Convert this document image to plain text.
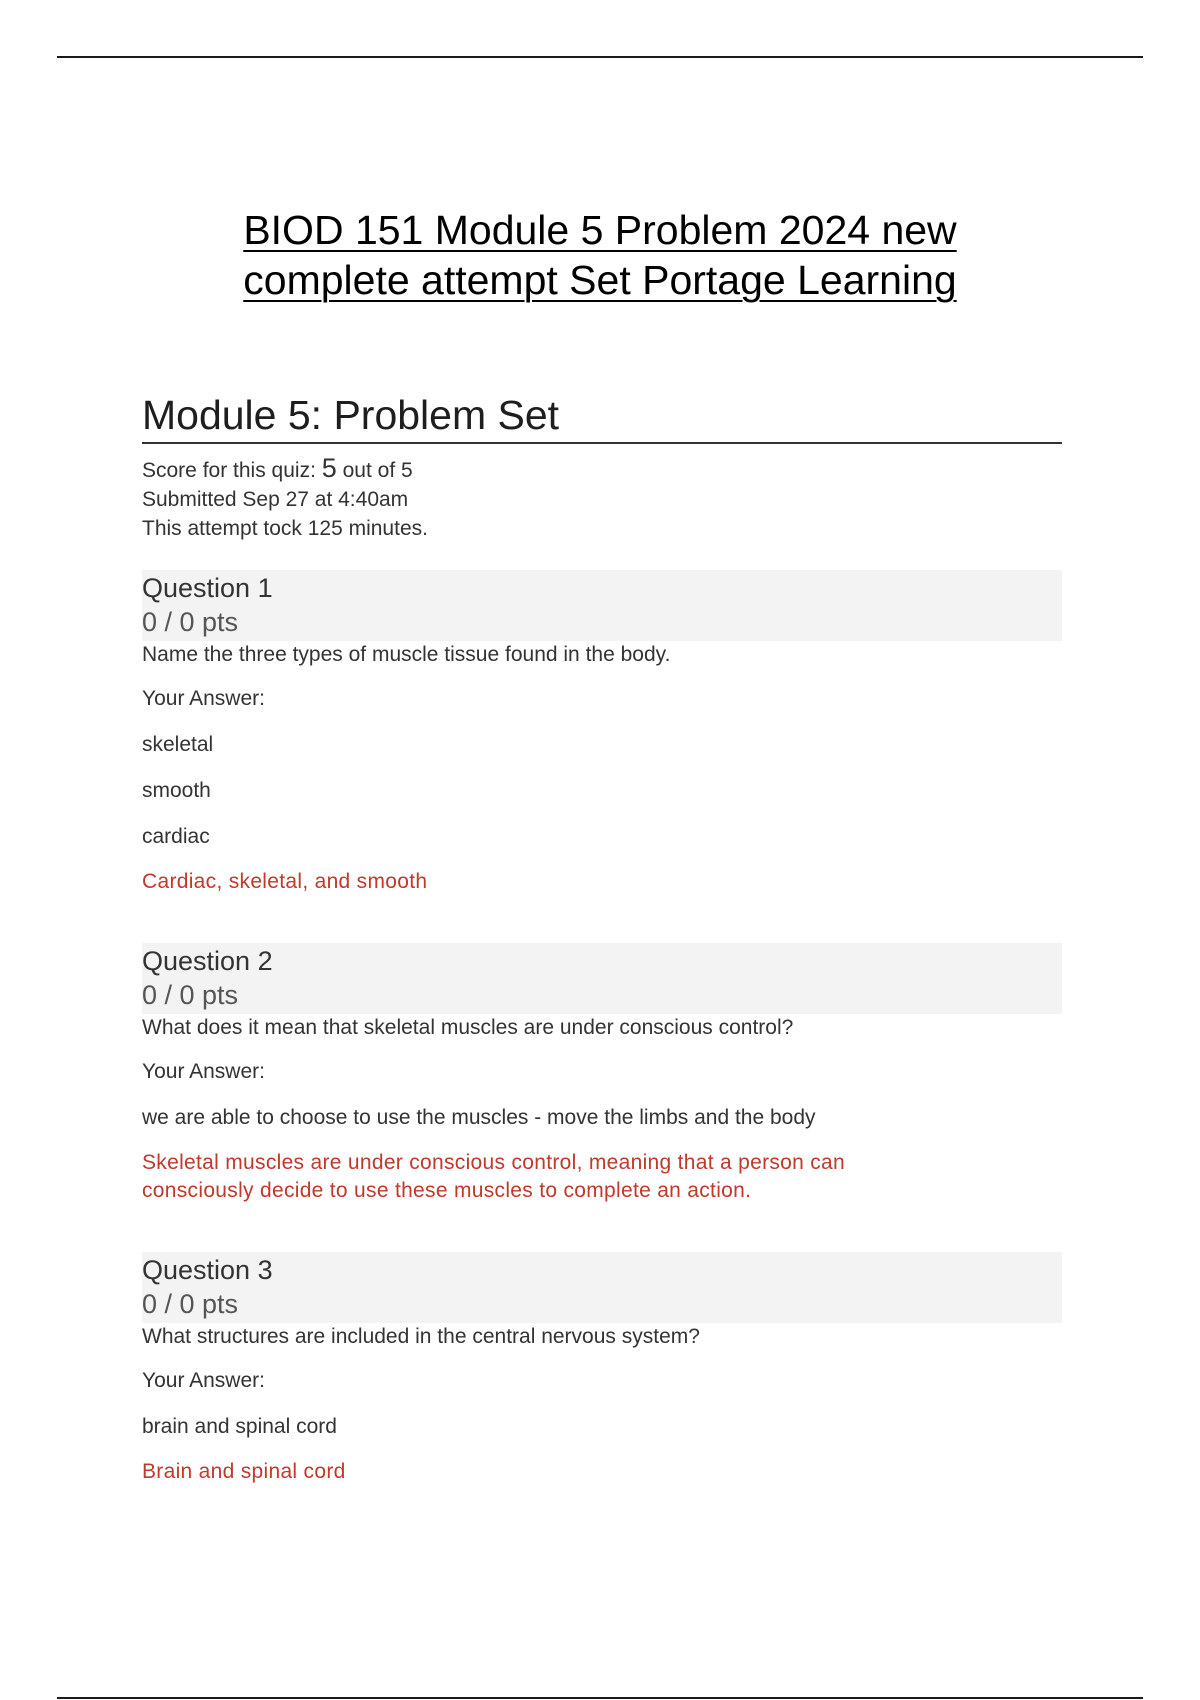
BIOD 151 Module 5 Problem 2024 new
complete attempt Set Portage Learning
Module 5: Problem Set
Score for this quiz: 5 out of 5
Submitted Sep 27 at 4:40am
This attempt tock 125 minutes.
Question 1
0 / 0 pts

Name the three types of muscle tissue found in the body.

Your Answer:
skeletal
smooth
cardiac
Cardiac, skeletal, and smooth
Question 2
0 / 0 pts

What does it mean that skeletal muscles are under conscious control?

Your Answer:
we are able to choose to use the muscles - move the limbs and the body
Skeletal muscles are under conscious control, meaning that a person can
consciously decide to use these muscles to complete an action.
Question 3
0 / 0 pts

What structures are included in the central nervous system?

Your Answer:
brain and spinal cord
Brain and spinal cord
